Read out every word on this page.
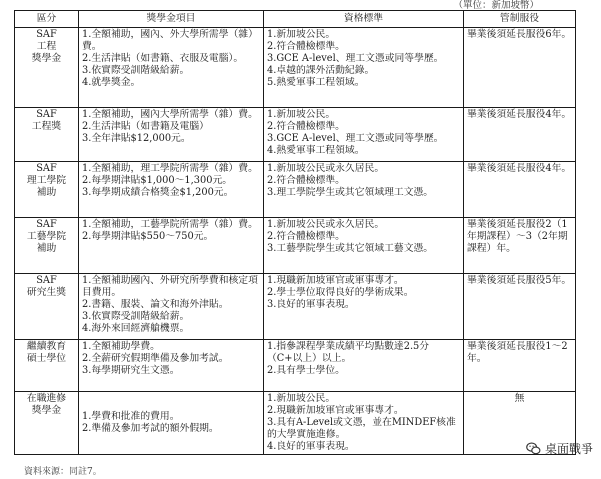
（單位：新加坡幣）
區分	獎學金項目	資格標準	管制服役

SAF
工程
獎學金	1.全額補助，國內、外大學所需學（雜）費。
2.生活津貼（如書籍、衣服及電腦）。
3.依實際受訓階級給薪。
4.就學獎金。	1.新加坡公民。
2.符合體檢標準。
3.GCE A-level、理工文憑或同等學歷。
4.卓越的課外活動紀錄。
5.熱愛軍事工程領域。	畢業後須延長服役6年。

SAF
工程獎	1.全額補助，國內大學所需學（雜）費。
2.生活津貼（如書籍及電腦）
3.全年津貼$12,000元。	1.新加坡公民。
2.符合體檢標準。
3.GCE A-level、理工文憑或同等學歷。
4.熱愛軍事工程領域。	畢業後須延長服役4年。

SAF
理工學院
補助	1.全額補助，理工學院所需學（雜）費。
2.每學期津貼$1,000～1,300元。
3.每學期成績合格獎金$1,200元。	1.新加坡公民或永久居民。
2.符合體檢標準。
3.理工學院學生或其它領域理工文憑。	畢業後須延長服役4年。

SAF
工藝學院
補助	1.全額補助，工藝學院所需學（雜）費。
2.每學期津貼$550～750元。	1.新加坡公民或永久居民。
2.符合體檢標準。
3.工藝學院學生或其它領域工藝文憑。	畢業後須延長服役2（1年期課程）～3（2年期課程）年。

SAF
研究生獎	1.全額補助國內、外研究所學費和核定項目費用。
2.書籍、服裝、論文和海外津貼。
3.依實際受訓階級給薪。
4.海外來回經濟艙機票。	1.現職新加坡軍官或軍事專才。
2.學士學位取得良好的學術成果。
3.良好的軍事表現。	畢業後須延長服役5年。

繼續教育
碩士學位	1.全額補助學費。
2.全薪研究假期準備及參加考試。
3.每學期研究生文憑。	1.指參課程學業成績平均點數達2.5分（C+以上）以上。
2.具有學士學位。	畢業後須延長服役1～2年。

在職進修
獎學金	1.學費和批准的費用。
2.準備及參加考試的額外假期。	1.新加坡公民。
2.現職新加坡軍官或軍事專才。
3.具有A-Level或文憑，並在MINDEF核准的大學實施進修。
4.良好的軍事表現。	無
資料來源：同註7。
桌面戰爭
